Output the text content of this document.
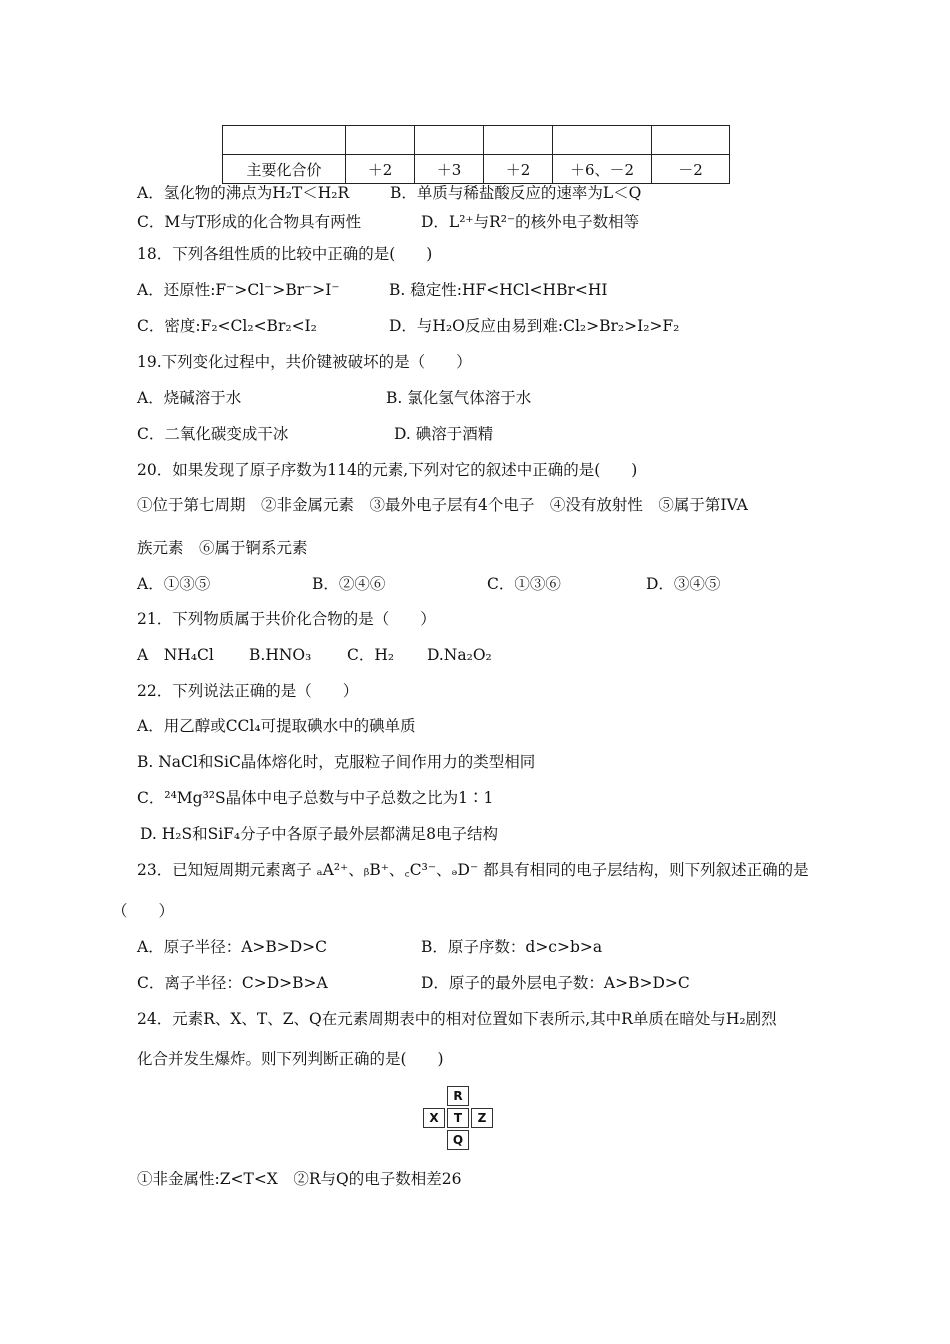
主要化合价	＋2	＋3	＋2	＋6、－2	－2
A．氢化物的沸点为H₂T＜H₂R	B．单质与稀盐酸反应的速率为L＜Q
C．M与T形成的化合物具有两性	D．L²⁺与R²⁻的核外电子数相等
18．下列各组性质的比较中正确的是(　　)
A．还原性:F⁻>Cl⁻>Br⁻>I⁻	B. 稳定性:HF<HCl<HBr<HI
C．密度:F₂<Cl₂<Br₂<I₂	D．与H₂O反应由易到难:Cl₂>Br₂>I₂>F₂
19.下列变化过程中，共价键被破坏的是（　　）
A．烧碱溶于水	B. 氯化氢气体溶于水
C．二氧化碳变成干冰	D. 碘溶于酒精
20．如果发现了原子序数为114的元素,下列对它的叙述中正确的是(　　)
①位于第七周期　②非金属元素　③最外电子层有4个电子　④没有放射性　⑤属于第IVA
族元素　⑥属于锕系元素
A．①③⑤	B．②④⑥	C．①③⑥	D．③④⑤
21．下列物质属于共价化合物的是（　　）
A　NH₄Cl B.HNO₃ C．H₂ D.Na₂O₂
22．下列说法正确的是（　　）
A．用乙醇或CCl₄可提取碘水中的碘单质
B. NaCl和SiC晶体熔化时，克服粒子间作用力的类型相同
C．²⁴Mg³²S晶体中电子总数与中子总数之比为1∶1
D. H₂S和SiF₄分子中各原子最外层都满足8电子结构
23．已知短周期元素离子 ₐA²⁺、ᵦB⁺、꜀C³⁻、ₔD⁻ 都具有相同的电子层结构，则下列叙述正确的是
（　　）
A．原子半径：A>B>D>C	B．原子序数：d>c>b>a
C．离子半径：C>D>B>A	D．原子的最外层电子数：A>B>D>C
24．元素R、X、T、Z、Q在元素周期表中的相对位置如下表所示,其中R单质在暗处与H₂剧烈
化合并发生爆炸。则下列判断正确的是(　　)
R
X	T	Z
Q
①非金属性:Z<T<X　②R与Q的电子数相差26
